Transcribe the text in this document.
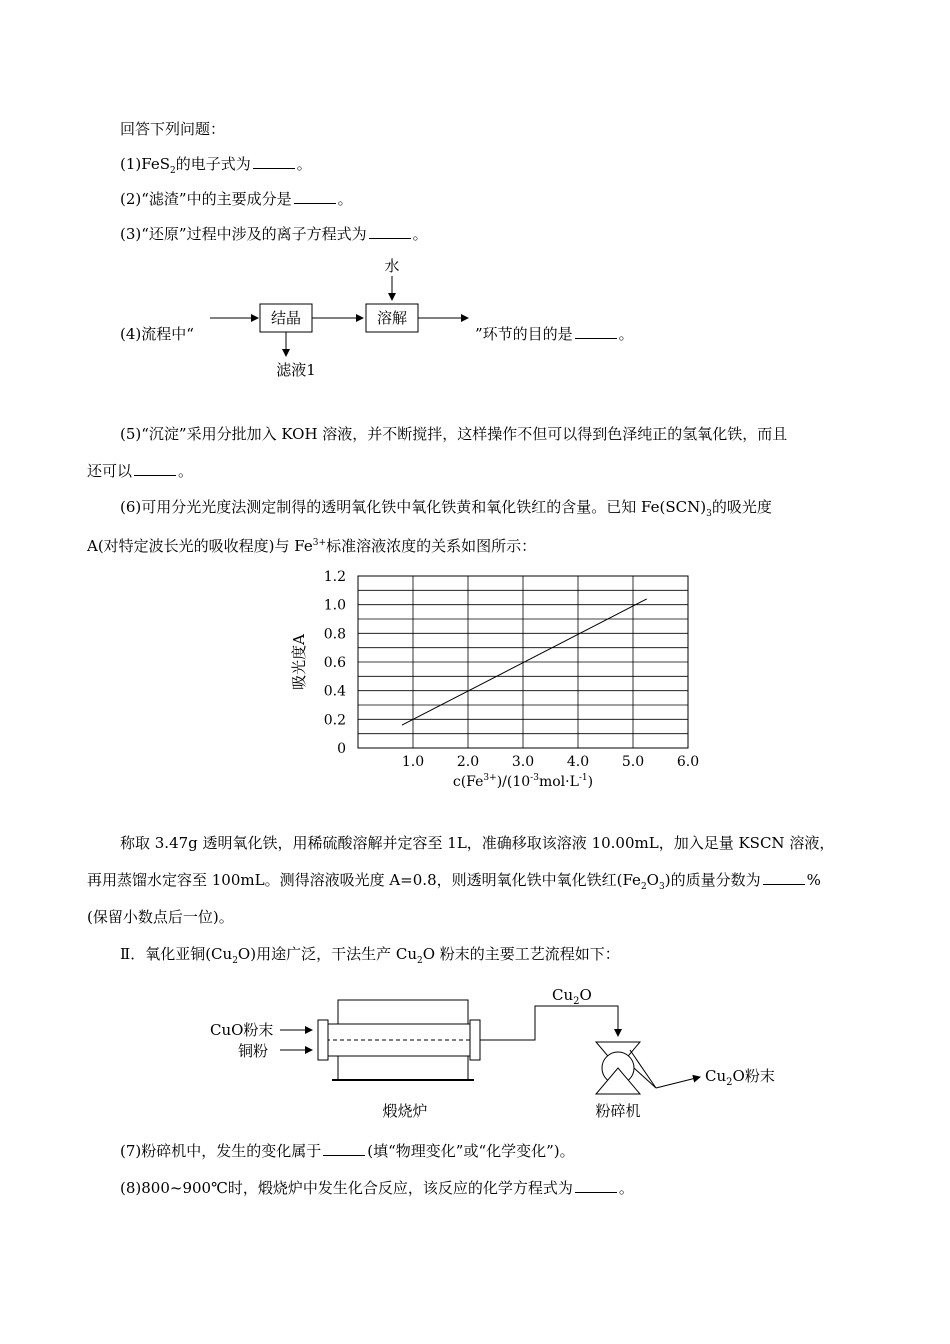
回答下列问题：
(1)FeS$_2$的电子式为	。
(2)“滤渣”中的主要成分是	。
(3)“还原”过程中涉及的离子方程式为	。
(4)流程中“
结晶	溶解
水
滤液1
”环节的目的是	。
(5)“沉淀”采用分批加入 KOH 溶液，并不断搅拌，这样操作不但可以得到色泽纯正的氢氧化铁，而且
还可以	。
(6)可用分光光度法测定制得的透明氧化铁中氧化铁黄和氧化铁红的含量。已知 $Fe(SCN)_3$的吸光度
A(对特定波长光的吸收程度)与 $Fe^{3+}$标准溶液浓度的关系如图所示：
0
0.2
0.4
0.6
0.8
1.0
1.2
1.0 2.0 3.0 4.0 5.0 6.0
吸光度A
$c(Fe^{3+})/(10^{-3}mol\cdot L^{-1})$
称取 3.47g 透明氧化铁，用稀硫酸溶解并定容至 1L，准确移取该溶液 10.00mL，加入足量 KSCN 溶液，
再用蒸馏水定容至 100mL。测得溶液吸光度 A=0.8，则透明氧化铁中氧化铁红$(Fe_2O_3)$的质量分数为	%
(保留小数点后一位)。
Ⅱ．氧化亚铜$(Cu_2O)$用途广泛，干法生产 $Cu_2O$ 粉末的主要工艺流程如下：
CuO粉末
铜粉
煅烧炉
$Cu_2O$
$Cu_2O$粉末
粉碎机
(7)粉碎机中，发生的变化属于	(填“物理变化”或“化学变化”)。
(8)800~900℃时，煅烧炉中发生化合反应，该反应的化学方程式为	。
